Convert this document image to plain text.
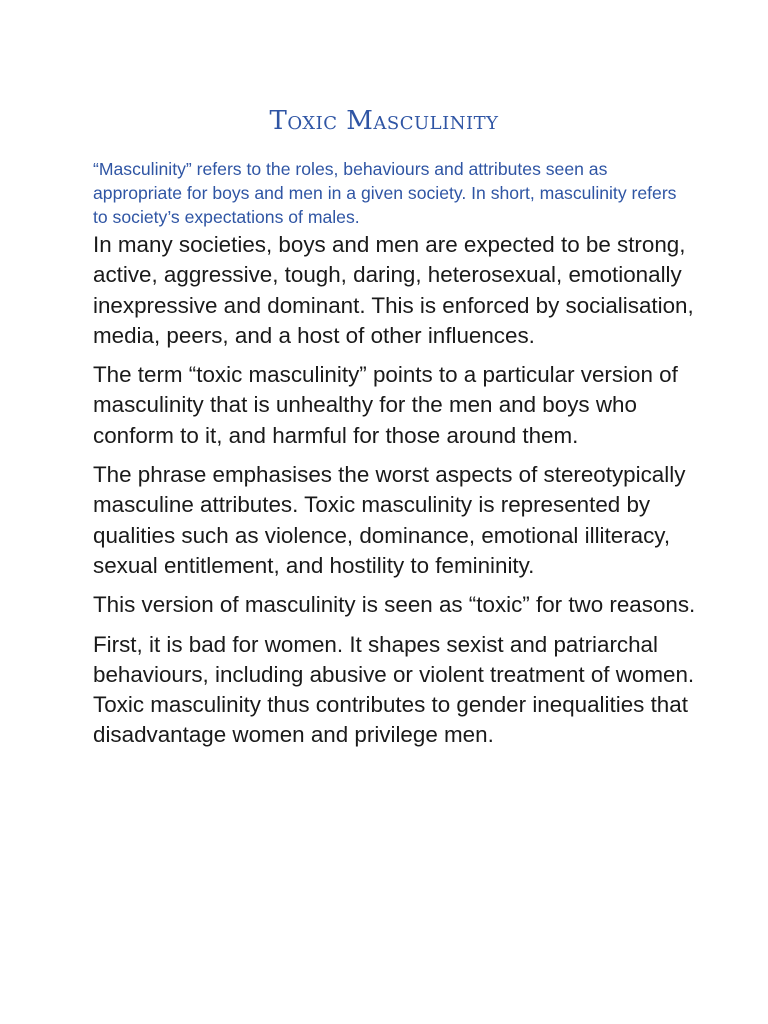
Toxic Masculinity

“Masculinity” refers to the roles, behaviours and attributes seen as appropriate for boys and men in a given society. In short, masculinity refers to society’s expectations of males.

In many societies, boys and men are expected to be strong, active, aggressive, tough, daring, heterosexual, emotionally inexpressive and dominant. This is enforced by socialisation, media, peers, and a host of other influences.

The term “toxic masculinity” points to a particular version of masculinity that is unhealthy for the men and boys who conform to it, and harmful for those around them.

The phrase emphasises the worst aspects of stereotypically masculine attributes. Toxic masculinity is represented by qualities such as violence, dominance, emotional illiteracy, sexual entitlement, and hostility to femininity.

This version of masculinity is seen as “toxic” for two reasons.

First, it is bad for women. It shapes sexist and patriarchal behaviours, including abusive or violent treatment of women. Toxic masculinity thus contributes to gender inequalities that disadvantage women and privilege men.
